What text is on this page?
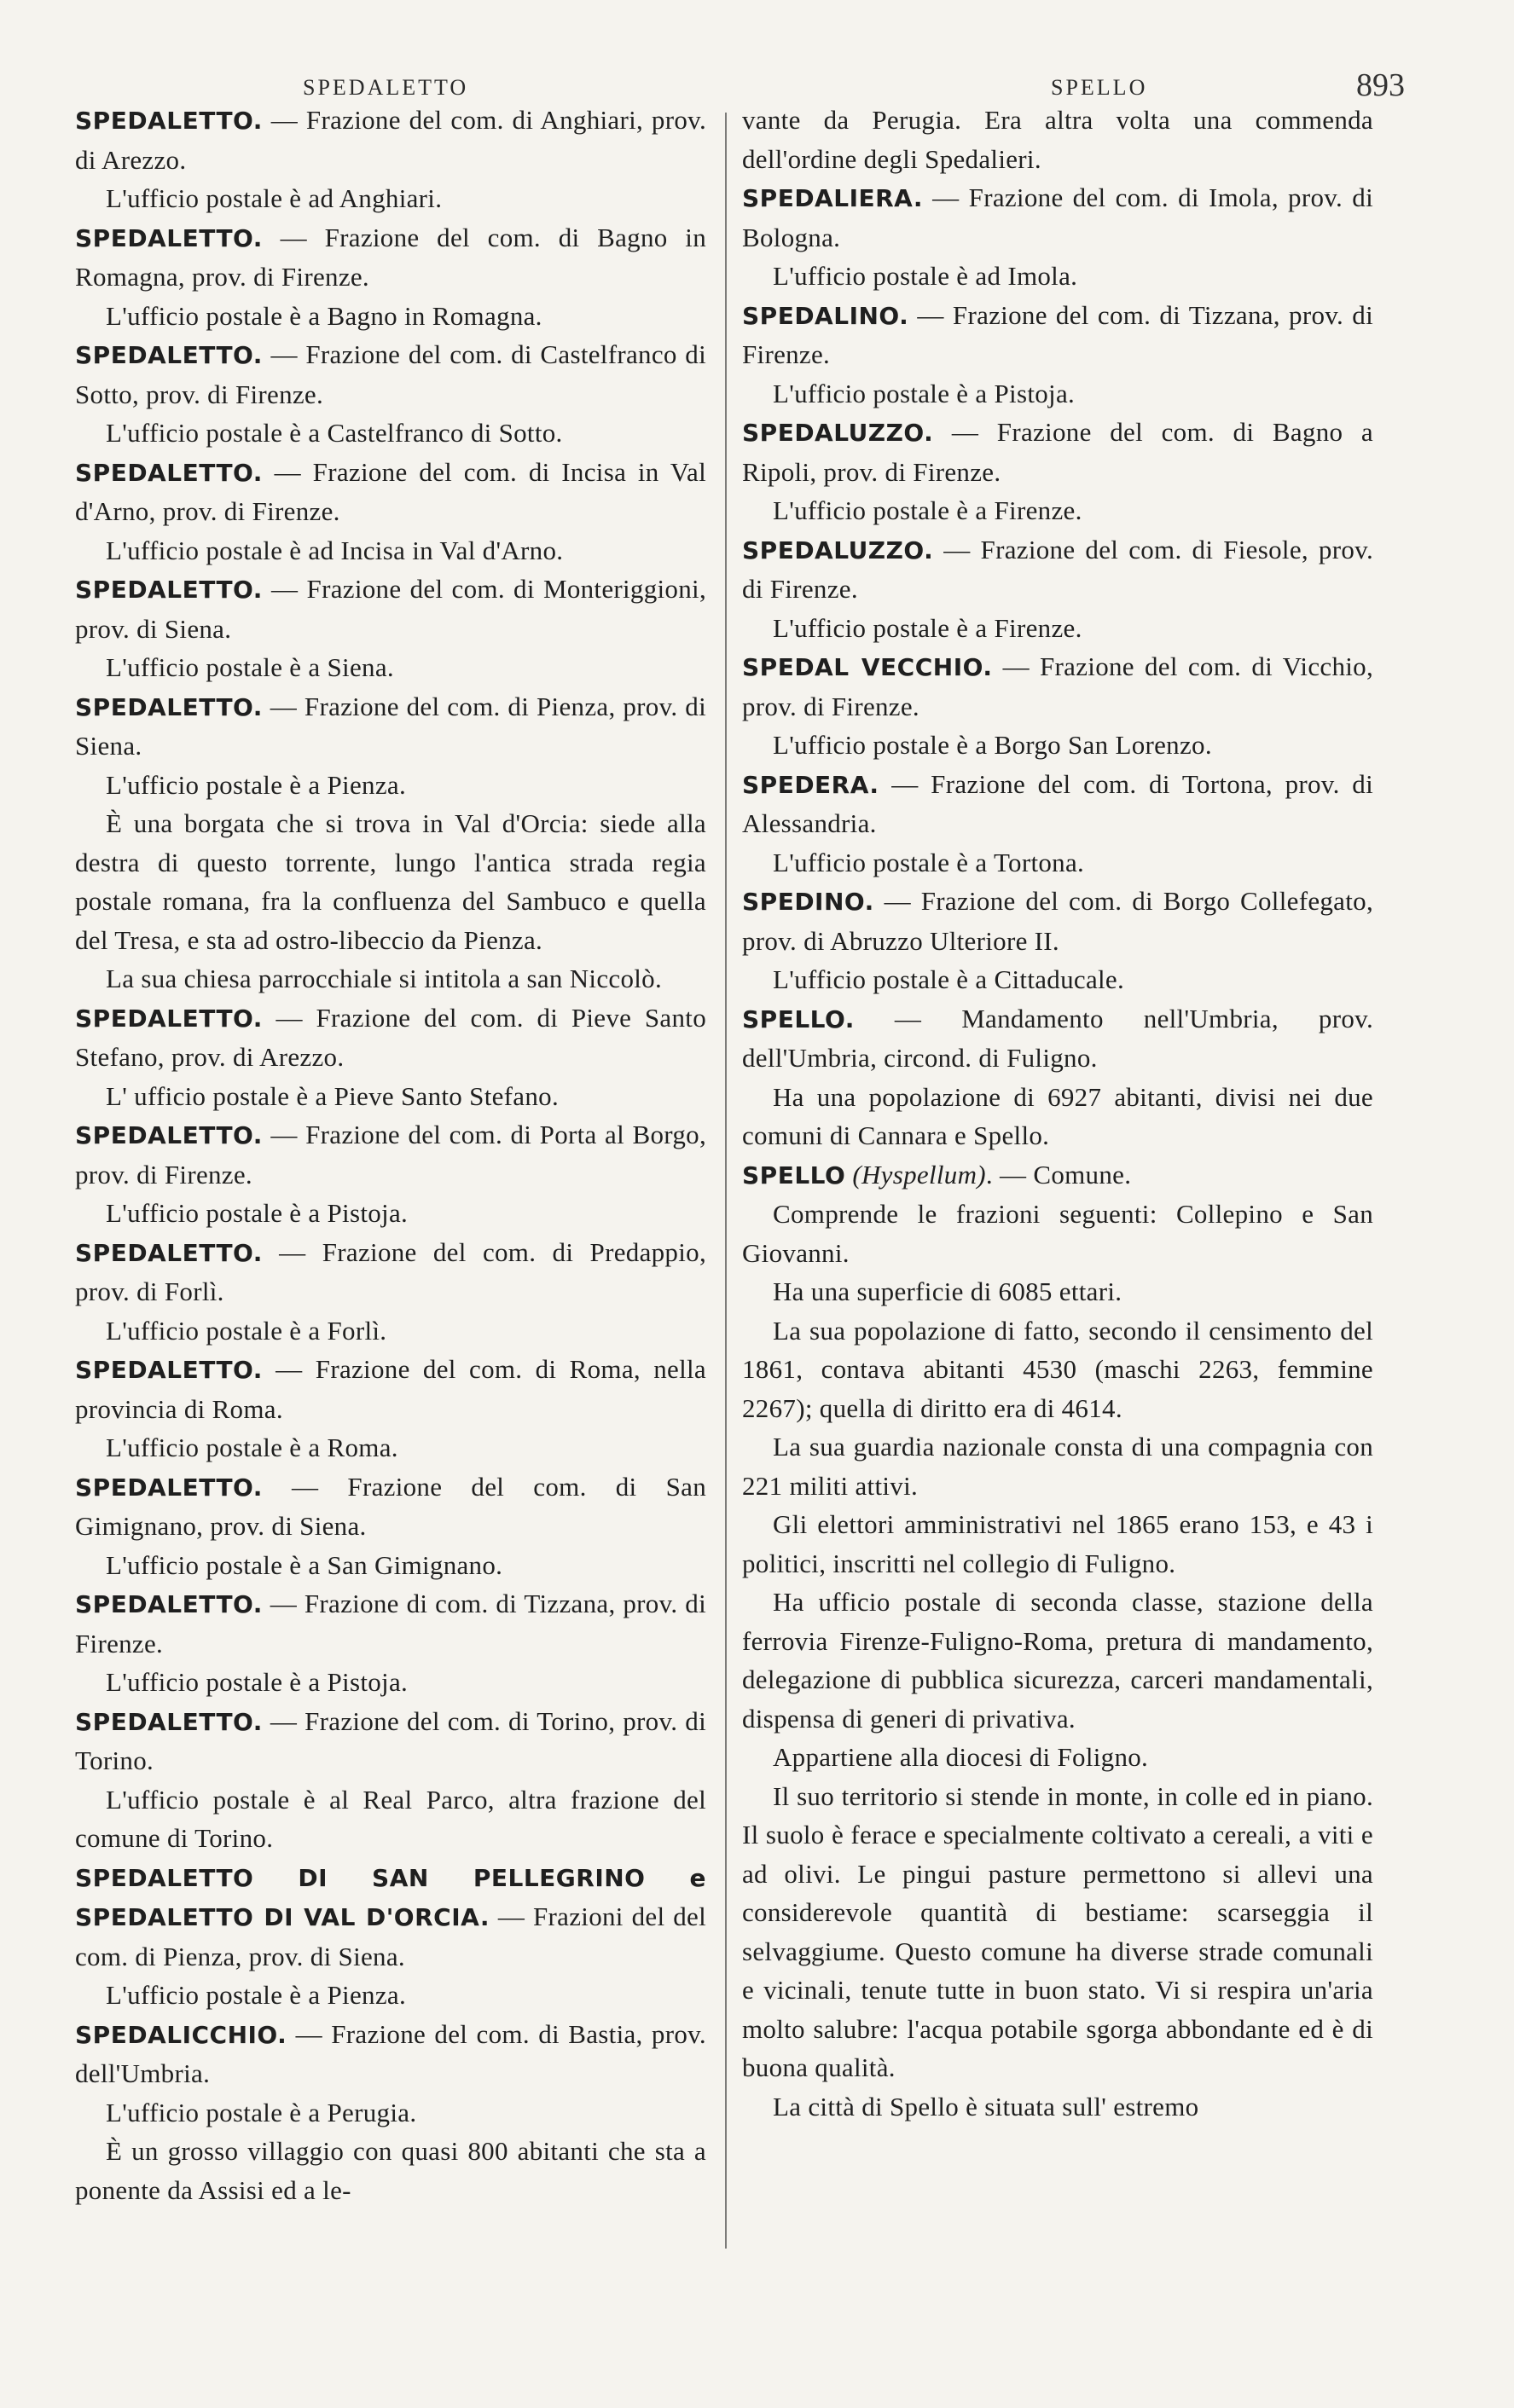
SPEDALETTO	SPELLO	893

SPEDALETTO. — Frazione del com. di Anghiari, prov. di Arezzo.

L'ufficio postale è ad Anghiari.

SPEDALETTO. — Frazione del com. di Bagno in Romagna, prov. di Firenze.

L'ufficio postale è a Bagno in Romagna.

SPEDALETTO. — Frazione del com. di Castelfranco di Sotto, prov. di Firenze.

L'ufficio postale è a Castelfranco di Sotto.

SPEDALETTO. — Frazione del com. di Incisa in Val d'Arno, prov. di Firenze.

L'ufficio postale è ad Incisa in Val d'Arno.

SPEDALETTO. — Frazione del com. di Monteriggioni, prov. di Siena.

L'ufficio postale è a Siena.

SPEDALETTO. — Frazione del com. di Pienza, prov. di Siena.

L'ufficio postale è a Pienza.

È una borgata che si trova in Val d'Orcia: siede alla destra di questo torrente, lungo l'antica strada regia postale romana, fra la confluenza del Sambuco e quella del Tresa, e sta ad ostro-libeccio da Pienza.

La sua chiesa parrocchiale si intitola a san Niccolò.

SPEDALETTO. — Frazione del com. di Pieve Santo Stefano, prov. di Arezzo.

L' ufficio postale è a Pieve Santo Stefano.

SPEDALETTO. — Frazione del com. di Porta al Borgo, prov. di Firenze.

L'ufficio postale è a Pistoja.

SPEDALETTO. — Frazione del com. di Predappio, prov. di Forlì.

L'ufficio postale è a Forlì.

SPEDALETTO. — Frazione del com. di Roma, nella provincia di Roma.

L'ufficio postale è a Roma.

SPEDALETTO. — Frazione del com. di San Gimignano, prov. di Siena.

L'ufficio postale è a San Gimignano.

SPEDALETTO. — Frazione di com. di Tizzana, prov. di Firenze.

L'ufficio postale è a Pistoja.

SPEDALETTO. — Frazione del com. di Torino, prov. di Torino.

L'ufficio postale è al Real Parco, altra frazione del comune di Torino.

SPEDALETTO DI SAN PELLEGRINO e SPEDALETTO DI VAL D'ORCIA. — Frazioni del del com. di Pienza, prov. di Siena.

L'ufficio postale è a Pienza.

SPEDALICCHIO. — Frazione del com. di Bastia, prov. dell'Umbria.

L'ufficio postale è a Perugia.

È un grosso villaggio con quasi 800 abitanti che sta a ponente da Assisi ed a le-

vante da Perugia. Era altra volta una commenda dell'ordine degli Spedalieri.

SPEDALIERA. — Frazione del com. di Imola, prov. di Bologna.

L'ufficio postale è ad Imola.

SPEDALINO. — Frazione del com. di Tizzana, prov. di Firenze.

L'ufficio postale è a Pistoja.

SPEDALUZZO. — Frazione del com. di Bagno a Ripoli, prov. di Firenze.

L'ufficio postale è a Firenze.

SPEDALUZZO. — Frazione del com. di Fiesole, prov. di Firenze.

L'ufficio postale è a Firenze.

SPEDAL VECCHIO. — Frazione del com. di Vicchio, prov. di Firenze.

L'ufficio postale è a Borgo San Lorenzo.

SPEDERA. — Frazione del com. di Tortona, prov. di Alessandria.

L'ufficio postale è a Tortona.

SPEDINO. — Frazione del com. di Borgo Collefegato, prov. di Abruzzo Ulteriore II.

L'ufficio postale è a Cittaducale.

SPELLO. — Mandamento nell'Umbria, prov. dell'Umbria, circond. di Fuligno.

Ha una popolazione di 6927 abitanti, divisi nei due comuni di Cannara e Spello.

SPELLO (Hyspellum). — Comune.

Comprende le frazioni seguenti: Collepino e San Giovanni.

Ha una superficie di 6085 ettari.

La sua popolazione di fatto, secondo il censimento del 1861, contava abitanti 4530 (maschi 2263, femmine 2267); quella di diritto era di 4614.

La sua guardia nazionale consta di una compagnia con 221 militi attivi.

Gli elettori amministrativi nel 1865 erano 153, e 43 i politici, inscritti nel collegio di Fuligno.

Ha ufficio postale di seconda classe, stazione della ferrovia Firenze-Fuligno-Roma, pretura di mandamento, delegazione di pubblica sicurezza, carceri mandamentali, dispensa di generi di privativa.

Appartiene alla diocesi di Foligno.

Il suo territorio si stende in monte, in colle ed in piano. Il suolo è ferace e specialmente coltivato a cereali, a viti e ad olivi. Le pingui pasture permettono si allevi una considerevole quantità di bestiame: scarseggia il selvaggiume. Questo comune ha diverse strade comunali e vicinali, tenute tutte in buon stato. Vi si respira un'aria molto salubre: l'acqua potabile sgorga abbondante ed è di buona qualità.

La città di Spello è situata sull' estremo
